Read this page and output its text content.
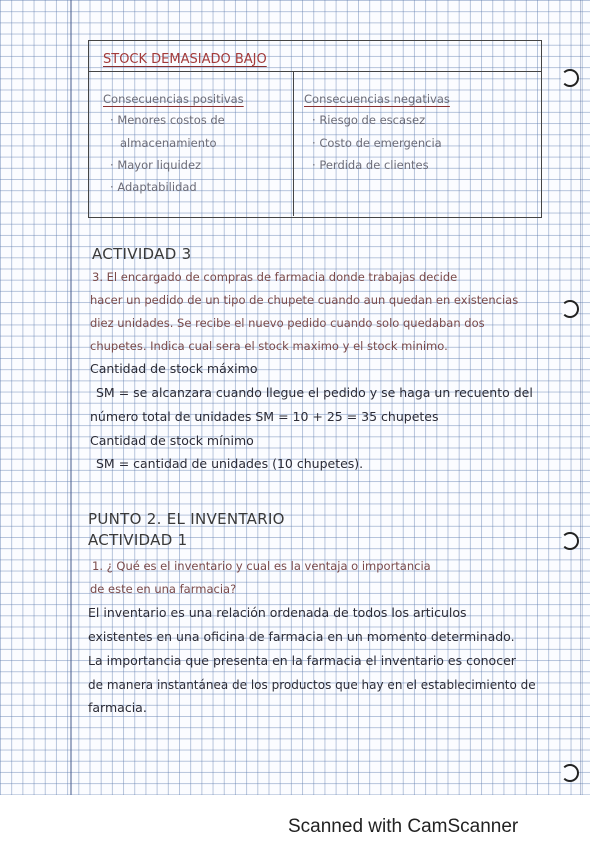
STOCK DEMASIADO BAJO
Consecuencias positivas
· Menores costos de
almacenamiento
· Mayor liquidez
· Adaptabilidad
Consecuencias negativas
· Riesgo de escasez
· Costo de emergencia
· Perdida de clientes
ACTIVIDAD 3
3. El encargado de compras de farmacia donde trabajas decide
hacer un pedido de un tipo de chupete cuando aun quedan en existencias
diez unidades. Se recibe el nuevo pedido cuando solo quedaban dos
chupetes. Indica cual sera el stock maximo y el stock minimo.
Cantidad de stock máximo
SM = se alcanzara cuando llegue el pedido y se haga un recuento del
número total de unidades SM = 10 + 25 = 35 chupetes
Cantidad de stock mínimo
SM = cantidad de unidades (10 chupetes).
PUNTO 2. EL INVENTARIO
ACTIVIDAD 1
1. ¿ Qué es el inventario y cual es la ventaja o importancia
de este en una farmacia?
El inventario es una relación ordenada de todos los articulos
existentes en una oficina de farmacia en un momento determinado.
La importancia que presenta en la farmacia el inventario es conocer
de manera instantánea de los productos que hay en el establecimiento de
farmacia.
Scanned with CamScanner
